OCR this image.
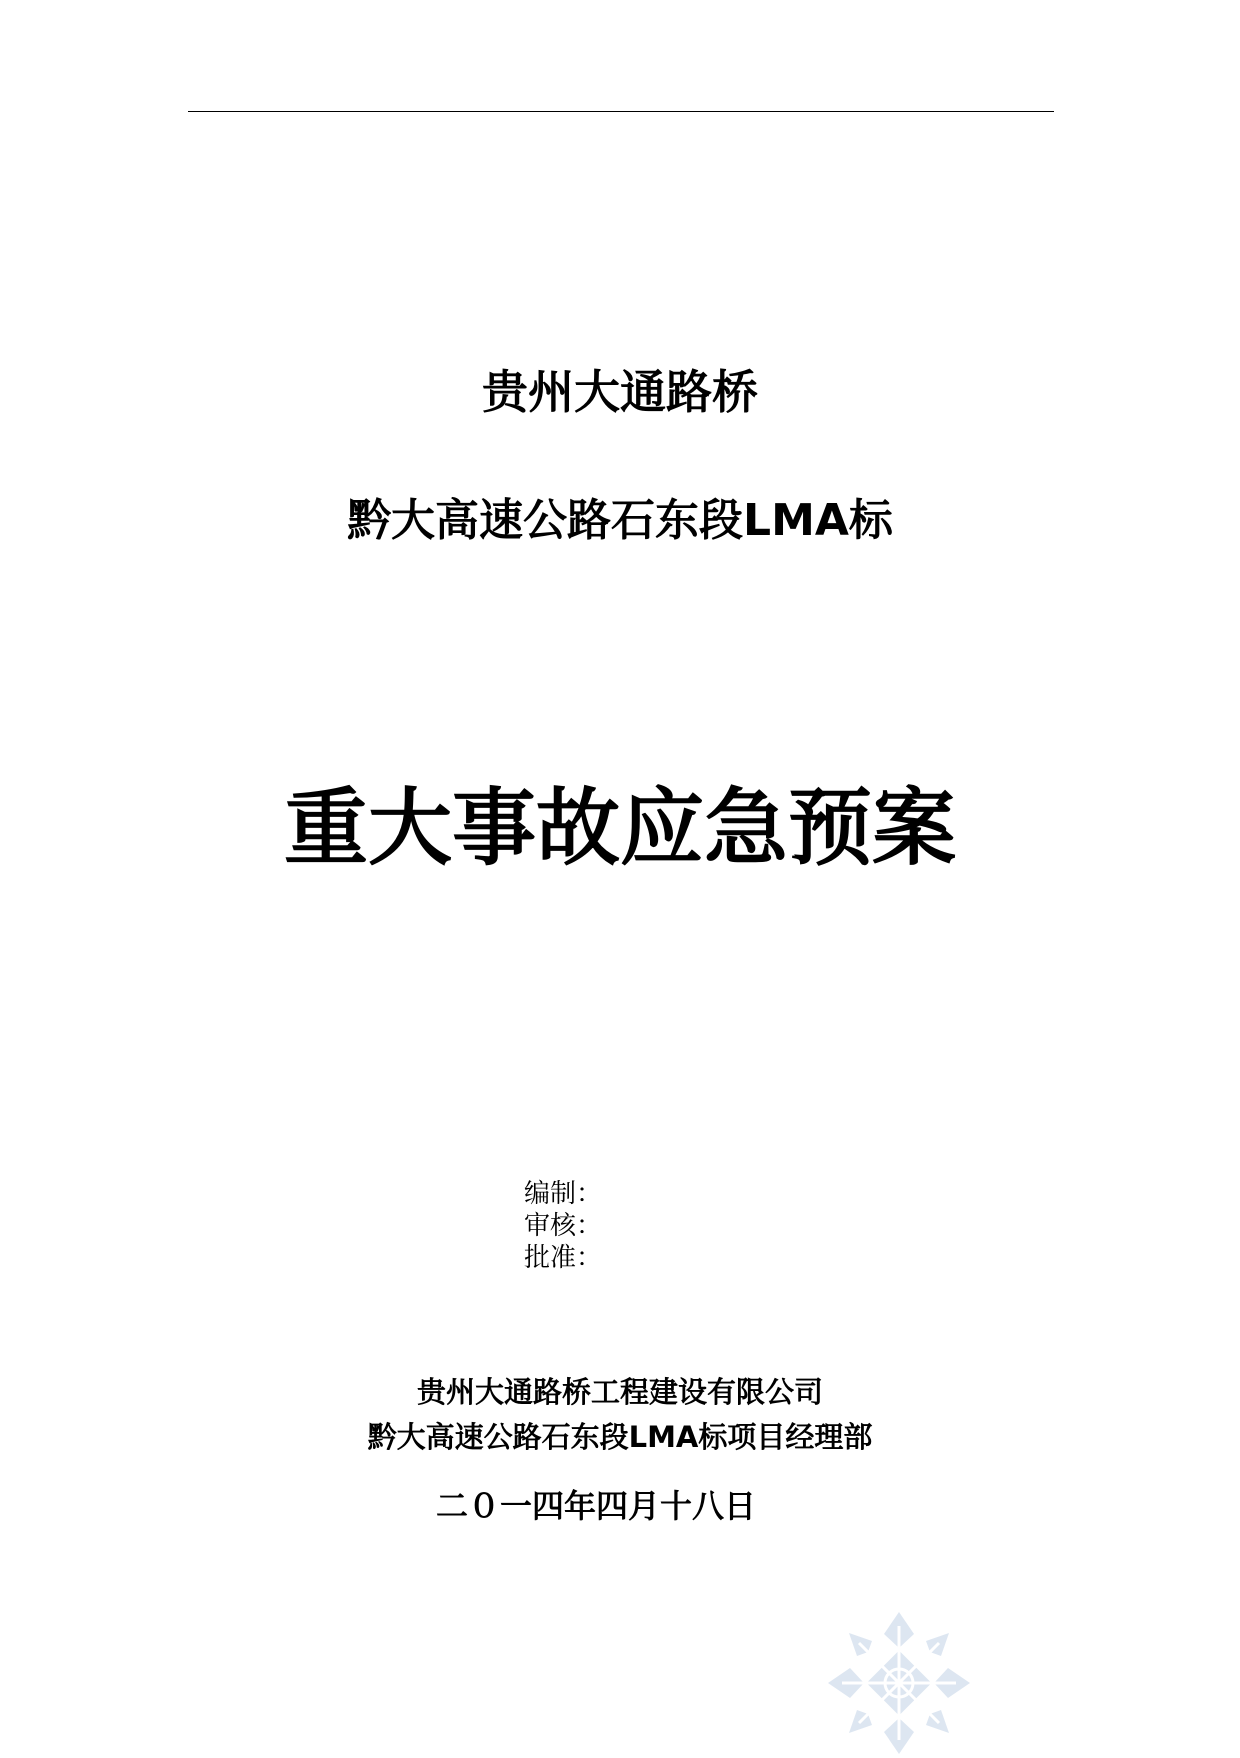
贵州大通路桥
黔大高速公路石东段LMA标
重大事故应急预案
编制：
审核：
批准：
贵州大通路桥工程建设有限公司
黔大高速公路石东段LMA标项目经理部
二０一四年四月十八日
